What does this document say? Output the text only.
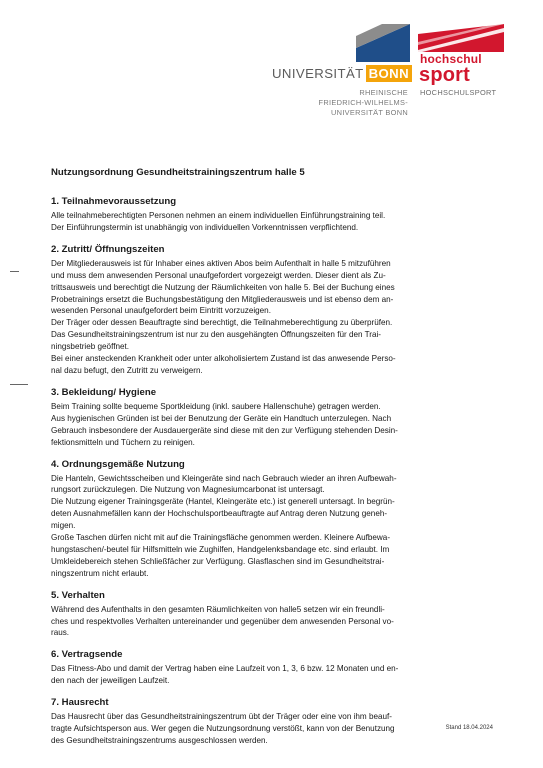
UNIVERSITÄT BONN
RHEINISCHE
FRIEDRICH-WILHELMS-
UNIVERSITÄT BONN
hochschul
sport
HOCHSCHULSPORT
Nutzungsordnung Gesundheitstrainingszentrum halle 5
1. Teilnahmevoraussetzung
Alle teilnahmeberechtigten Personen nehmen an einem individuellen Einführungstraining teil.
Der Einführungstermin ist unabhängig von individuellen Vorkenntnissen verpflichtend.
2. Zutritt/ Öffnungszeiten
Der Mitgliederausweis ist für Inhaber eines aktiven Abos beim Aufenthalt in halle 5 mitzuführen
und muss dem anwesenden Personal unaufgefordert vorgezeigt werden. Dieser dient als Zu-
trittsausweis und berechtigt die Nutzung der Räumlichkeiten von halle 5. Bei der Buchung eines
Probetrainings ersetzt die Buchungsbestätigung den Mitgliederausweis und ist ebenso dem an-
wesenden Personal unaufgefordert beim Eintritt vorzuzeigen.
Der Träger oder dessen Beauftragte sind berechtigt, die Teilnahmeberechtigung zu überprüfen.
Das Gesundheitstrainingszentrum ist nur zu den ausgehängten Öffnungszeiten für den Trai-
ningsbetrieb geöffnet.
Bei einer ansteckenden Krankheit oder unter alkoholisiertem Zustand ist das anwesende Perso-
nal dazu befugt, den Zutritt zu verweigern.
3. Bekleidung/ Hygiene
Beim Training sollte bequeme Sportkleidung (inkl. saubere Hallenschuhe) getragen werden.
Aus hygienischen Gründen ist bei der Benutzung der Geräte ein Handtuch unterzulegen. Nach
Gebrauch insbesondere der Ausdauergeräte sind diese mit den zur Verfügung stehenden Desin-
fektionsmitteln und Tüchern zu reinigen.
4. Ordnungsgemäße Nutzung
Die Hanteln, Gewichtsscheiben und Kleingeräte sind nach Gebrauch wieder an ihren Aufbewah-
rungsort zurückzulegen. Die Nutzung von Magnesiumcarbonat ist untersagt.
Die Nutzung eigener Trainingsgeräte (Hantel, Kleingeräte etc.) ist generell untersagt. In begrün-
deten Ausnahmefällen kann der Hochschulsportbeauftragte auf Antrag deren Nutzung geneh-
migen.
Große Taschen dürfen nicht mit auf die Trainingsfläche genommen werden. Kleinere Aufbewa-
hungstaschen/-beutel für Hilfsmitteln wie Zughilfen, Handgelenksbandage etc. sind erlaubt. Im
Umkleidebereich stehen Schließfächer zur Verfügung. Glasflaschen sind im Gesundheitstrai-
ningszentrum nicht erlaubt.
5. Verhalten
Während des Aufenthalts in den gesamten Räumlichkeiten von halle5 setzen wir ein freundli-
ches und respektvolles Verhalten untereinander und gegenüber dem anwesenden Personal vo-
raus.
6. Vertragsende
Das Fitness-Abo und damit der Vertrag haben eine Laufzeit von 1, 3, 6 bzw. 12 Monaten und en-
den nach der jeweiligen Laufzeit.
7. Hausrecht
Das Hausrecht über das Gesundheitstrainingszentrum übt der Träger oder eine von ihm beauf-
tragte Aufsichtsperson aus. Wer gegen die Nutzungsordnung verstößt, kann von der Benutzung
des Gesundheitstrainingszentrums ausgeschlossen werden.
Stand 18.04.2024
